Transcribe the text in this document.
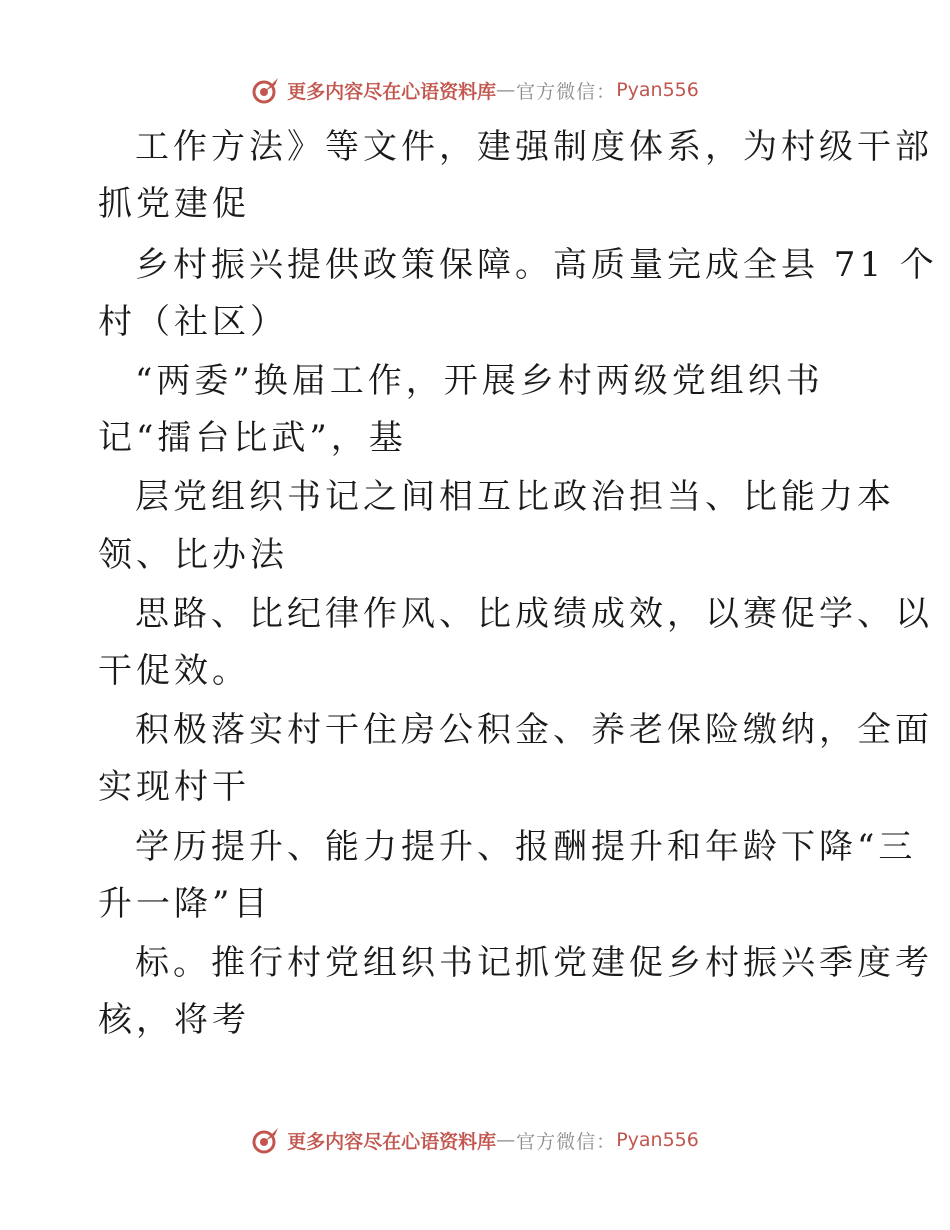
更多内容尽在心语资料库 — 官方微信： Pyan556
工作方法》等文件，建强制度体系，为村级干部
抓党建促
乡村振兴提供政策保障。高质量完成全县 71 个
村（社区）
“两委”换届工作，开展乡村两级党组织书
记“擂台比武”，基
层党组织书记之间相互比政治担当、比能力本
领、比办法
思路、比纪律作风、比成绩成效，以赛促学、以
干促效。
积极落实村干住房公积金、养老保险缴纳，全面
实现村干
学历提升、能力提升、报酬提升和年龄下降“三
升一降”目
标。推行村党组织书记抓党建促乡村振兴季度考
核，将考
更多内容尽在心语资料库 — 官方微信： Pyan556
